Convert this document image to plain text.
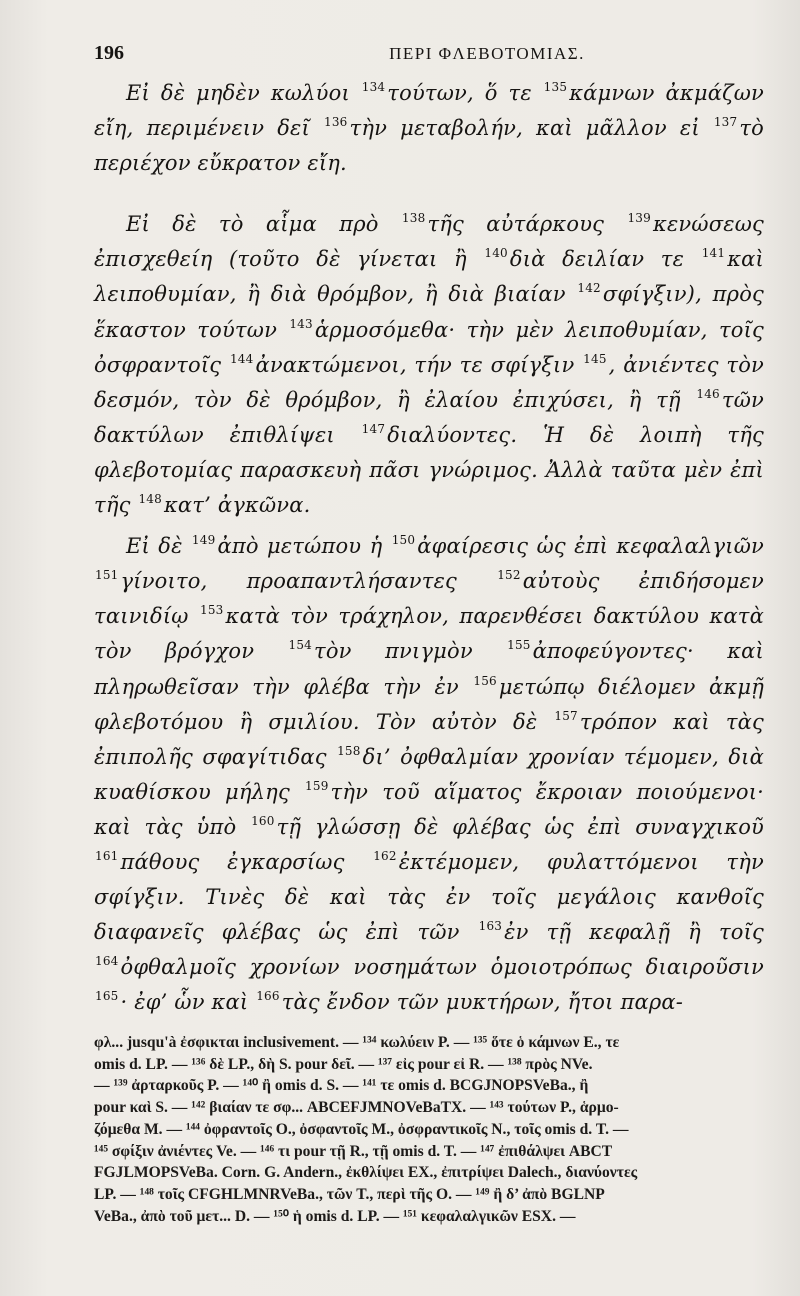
196	ΠΕΡΙ ΦΛΕΒΟΤΟΜΙΑΣ.

Εἰ δὲ μηδὲν κωλύοι $^{134}$τούτων, ὅ τε $^{135}$κάμνων ἀκμάζων εἴη, περιμένειν δεῖ $^{136}$τὴν μεταβολήν, καὶ μᾶλλον εἰ $^{137}$τὸ περιέχον εὔκρατον εἴη.

Εἰ δὲ τὸ αἷμα πρὸ $^{138}$τῆς αὐτάρκους $^{139}$κενώσεως ἐπισχεθείη (τοῦτο δὲ γίνεται ἢ $^{140}$διὰ δειλίαν τε $^{141}$καὶ λειποθυμίαν, ἢ διὰ θρόμβον, ἢ διὰ βιαίαν $^{142}$σφίγξιν), πρὸς ἕκαστον τούτων $^{143}$ἁρμοσόμεθα· τὴν μὲν λειποθυμίαν, τοῖς ὀσφραντοῖς $^{144}$ἀνακτώμενοι, τήν τε σφίγξιν $^{145}$, ἀνιέντες τὸν δεσμόν, τὸν δὲ θρόμβον, ἢ ἐλαίου ἐπιχύσει, ἢ τῇ $^{146}$τῶν δακτύλων ἐπιθλίψει $^{147}$διαλύοντες. Ἡ δὲ λοιπὴ τῆς φλεβοτομίας παρασκευὴ πᾶσι γνώριμος. Ἀλλὰ ταῦτα μὲν ἐπὶ τῆς $^{148}$κατ’ ἀγκῶνα.

Εἰ δὲ $^{149}$ἀπὸ μετώπου ἡ $^{150}$ἀφαίρεσις ὡς ἐπὶ κεφαλαλγιῶν $^{151}$γίνοιτο, προαπαντλήσαντες $^{152}$αὐτοὺς ἐπιδήσομεν ταινιδίῳ $^{153}$κατὰ τὸν τράχηλον, παρενθέσει δακτύλου κατὰ τὸν βρόγχον $^{154}$τὸν πνιγμὸν $^{155}$ἀποφεύγοντες· καὶ πληρωθεῖσαν τὴν φλέβα τὴν ἐν $^{156}$μετώπῳ διέλομεν ἀκμῇ φλεβοτόμου ἢ σμιλίου. Τὸν αὐτὸν δὲ $^{157}$τρόπον καὶ τὰς ἐπιπολῆς σφαγίτιδας $^{158}$δι’ ὀφθαλμίαν χρονίαν τέμομεν, διὰ κυαθίσκου μήλης $^{159}$τὴν τοῦ αἵματος ἔκροιαν ποιούμενοι· καὶ τὰς ὑπὸ $^{160}$τῇ γλώσσῃ δὲ φλέβας ὡς ἐπὶ συναγχικοῦ $^{161}$πάθους ἐγκαρσίως $^{162}$ἐκτέμομεν, φυλαττόμενοι τὴν σφίγξιν. Τινὲς δὲ καὶ τὰς ἐν τοῖς μεγάλοις κανθοῖς διαφανεῖς φλέβας ὡς ἐπὶ τῶν $^{163}$ἐν τῇ κεφαλῇ ἢ τοῖς $^{164}$ὀφθαλμοῖς χρονίων νοσημάτων ὁμοιοτρόπως διαιροῦσιν $^{165}$· ἐφ’ ὧν καὶ $^{166}$τὰς ἔνδον τῶν μυκτήρων, ἤτοι παρα-

φλ... jusqu'à ἐσφικται inclusivement. — ¹³⁴ κωλύειν P. — ¹³⁵ ὅτε ὁ κάμνων E., τε

omis d. LP. — ¹³⁶ δὲ LP., δὴ S. pour δεῖ. — ¹³⁷ εἰς pour εἰ R. — ¹³⁸ πρὸς NVe.

— ¹³⁹ ἀρταρκοῦς P. — ¹⁴⁰ ἢ omis d. S. — ¹⁴¹ τε omis d. BCGJNOPSVeBa., ἢ

pour καὶ S. — ¹⁴² βιαίαν τε σφ... ABCEFJMNOVeBaTX. — ¹⁴³ τούτων P., ἁρμο-

ζόμεθα M. — ¹⁴⁴ ὀφραντοῖς O., ὀσφαντοῖς M., ὀσφραντικοῖς N., τοῖς omis d. T. —

¹⁴⁵ σφίξιν ἀνιέντες Ve. — ¹⁴⁶ τι pour τῇ R., τῇ omis d. T. — ¹⁴⁷ ἐπιθάλψει ABCT

FGJLMOPSVeBa. Corn. G. Andern., ἐκθλίψει EX., ἐπιτρίψει Dalech., διανύοντες

LP. — ¹⁴⁸ τοῖς CFGHLMNRVeBa., τῶν T., περὶ τῆς O. — ¹⁴⁹ ἢ δ’ ἀπὸ BGLNP

VeBa., ἀπὸ τοῦ μετ... D. — ¹⁵⁰ ἡ omis d. LP. — ¹⁵¹ κεφαλαλγικῶν ESX. —
